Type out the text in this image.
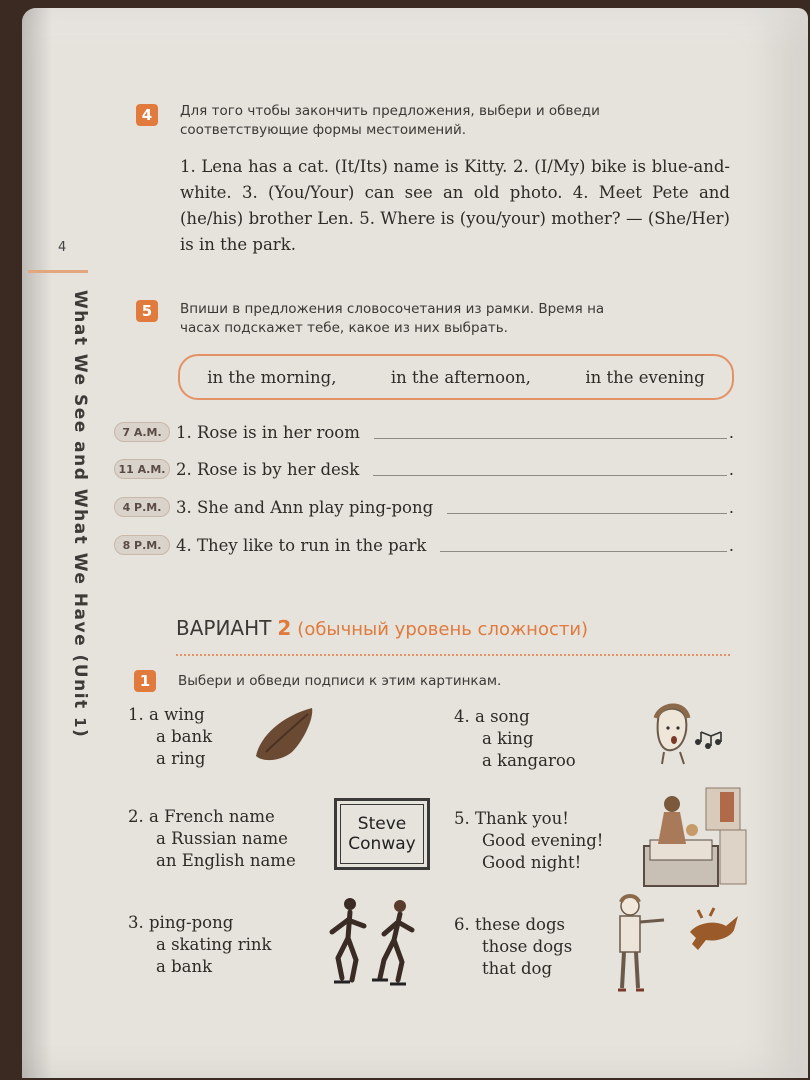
4
What We See and What We Have (Unit 1)
4	Для того чтобы закончить предложения, выбери и обведи
соответствующие формы местоимений.
1. Lena has a cat. (It/Its) name is Kitty. 2. (I/My) bike is blue-and-white. 3. (You/Your) can see an old photo. 4. Meet Pete and (he/his) brother Len. 5. Where is (you/your) mother? — (She/Her) is in the park.
5	Впиши в предложения словосочетания из рамки. Время на
часах подскажет тебе, какое из них выбрать.
in the morning,	in the afternoon,	in the evening
7 А.М. 1. Rose is in her room	.
11 А.М. 2. Rose is by her desk	.
4 Р.М. 3. She and Ann play ping-pong	.
8 Р.М. 4. They like to run in the park	.
ВАРИАНТ 2 (обычный уровень сложности)
1	Выбери и обведи подписи к этим картинкам.
1. a wing
a bank
a ring
2. a French name
a Russian name
an English name
Steve
Conway
3. ping-pong
a skating rink
a bank
4. a song
a king
a kangaroo
5. Thank you!
Good evening!
Good night!
6. these dogs
those dogs
that dog
